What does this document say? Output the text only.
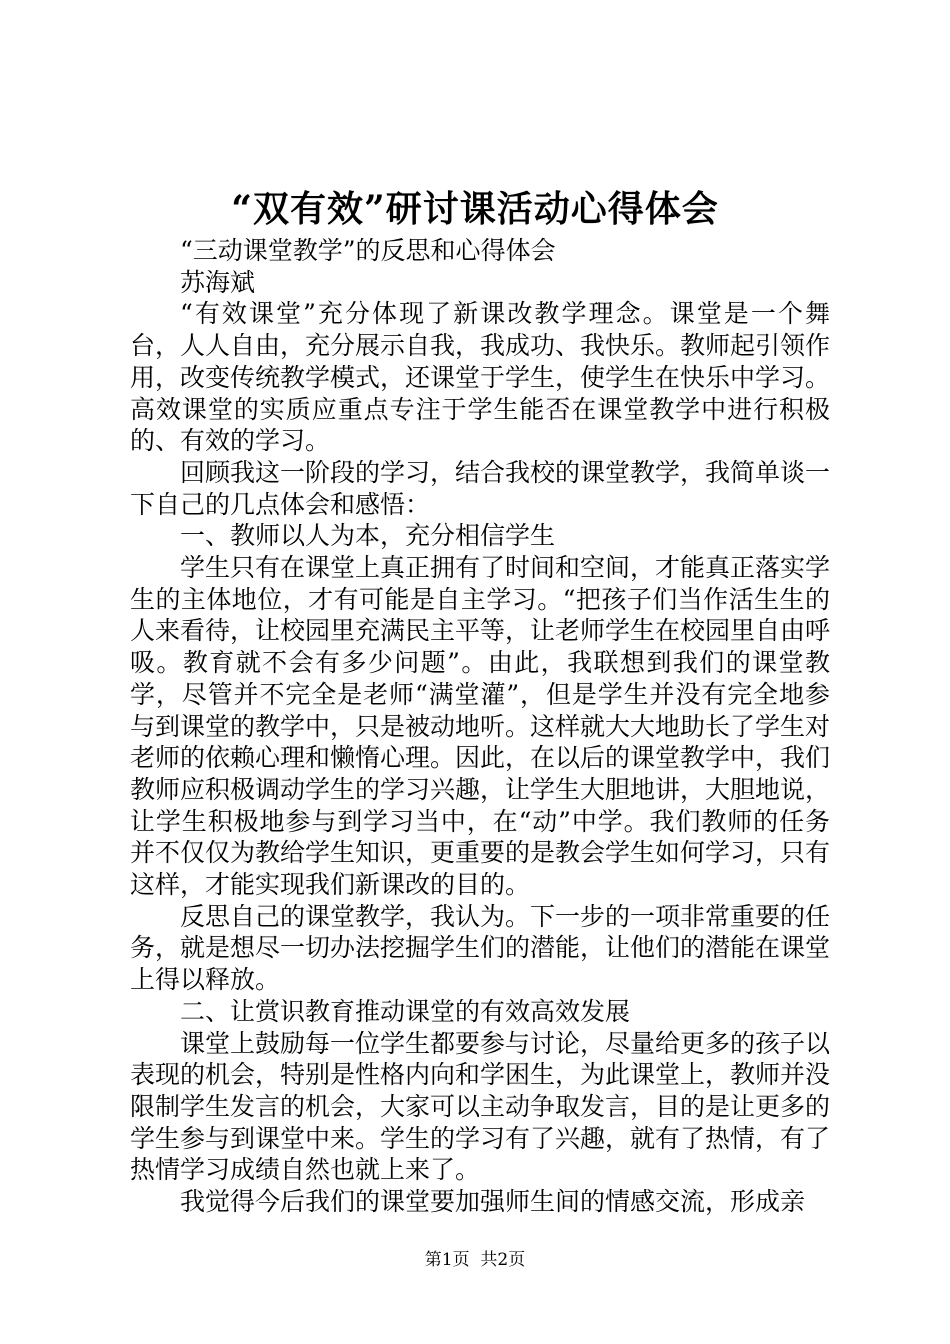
“双有效”研讨课活动心得体会

“三动课堂教学”的反思和心得体会

苏海斌

“有效课堂”充分体现了新课改教学理念。课堂是一个舞台，人人自由，充分展示自我，我成功、我快乐。教师起引领作用，改变传统教学模式，还课堂于学生，使学生在快乐中学习。高效课堂的实质应重点专注于学生能否在课堂教学中进行积极的、有效的学习。

回顾我这一阶段的学习，结合我校的课堂教学，我简单谈一下自己的几点体会和感悟：

一、教师以人为本，充分相信学生

学生只有在课堂上真正拥有了时间和空间，才能真正落实学生的主体地位，才有可能是自主学习。“把孩子们当作活生生的人来看待，让校园里充满民主平等，让老师学生在校园里自由呼吸。教育就不会有多少问题”。由此，我联想到我们的课堂教学，尽管并不完全是老师“满堂灌”，但是学生并没有完全地参与到课堂的教学中，只是被动地听。这样就大大地助长了学生对老师的依赖心理和懒惰心理。因此，在以后的课堂教学中，我们教师应积极调动学生的学习兴趣，让学生大胆地讲，大胆地说，让学生积极地参与到学习当中，在“动”中学。我们教师的任务并不仅仅为教给学生知识，更重要的是教会学生如何学习，只有这样，才能实现我们新课改的目的。

反思自己的课堂教学，我认为。下一步的一项非常重要的任务，就是想尽一切办法挖掘学生们的潜能，让他们的潜能在课堂上得以释放。

二、让赏识教育推动课堂的有效高效发展

课堂上鼓励每一位学生都要参与讨论，尽量给更多的孩子以表现的机会，特别是性格内向和学困生，为此课堂上，教师并没限制学生发言的机会，大家可以主动争取发言，目的是让更多的学生参与到课堂中来。学生的学习有了兴趣，就有了热情，有了热情学习成绩自然也就上来了。

我觉得今后我们的课堂要加强师生间的情感交流，形成亲

第1页  共2页
